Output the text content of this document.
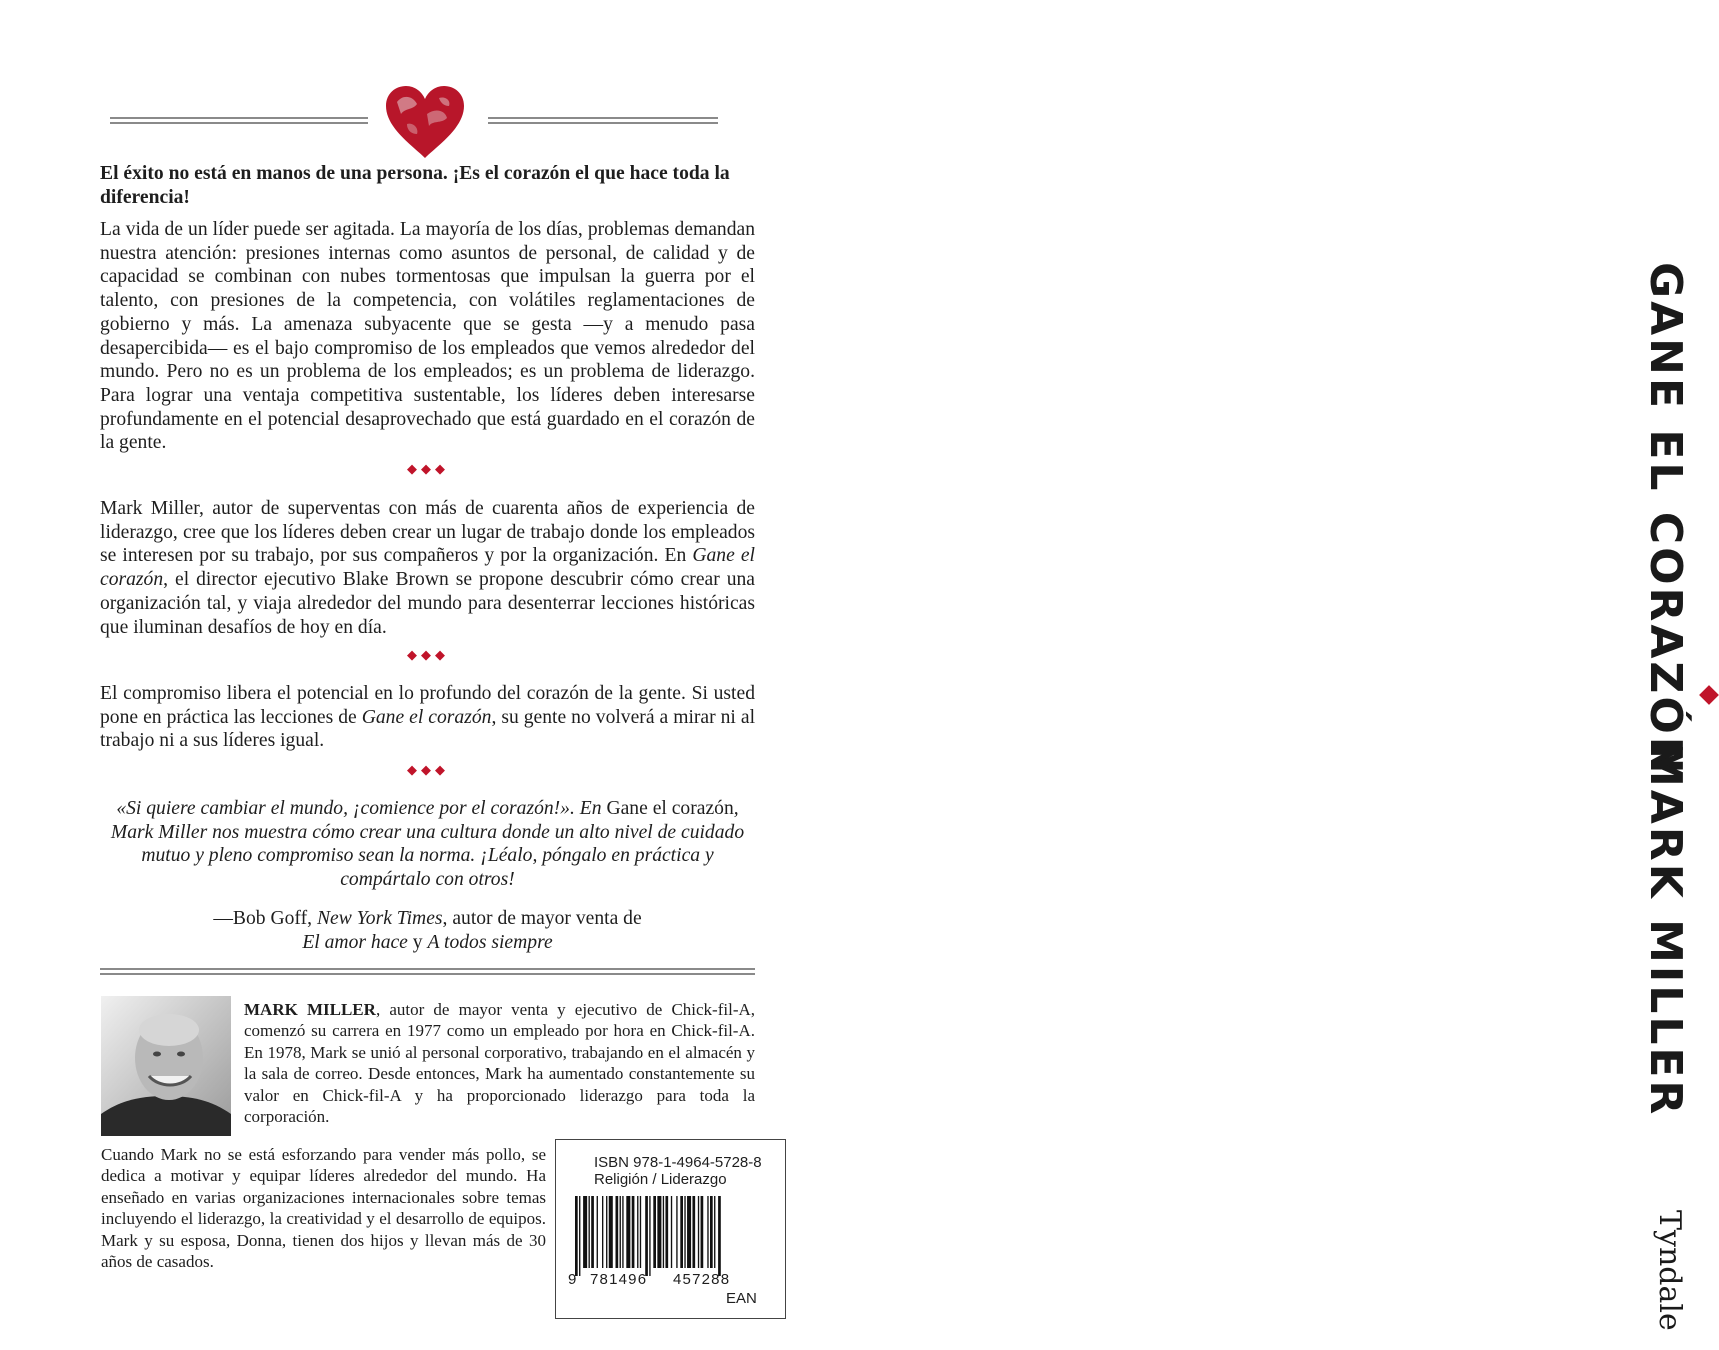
El éxito no está en manos de una persona. ¡Es el corazón el que hace toda la diferencia!
La vida de un líder puede ser agitada. La mayoría de los días, problemas demandan nuestra atención: presiones internas como asuntos de personal, de calidad y de capacidad se combinan con nubes tormentosas que impulsan la guerra por el talento, con presiones de la competencia, con volátiles reglamentaciones de gobierno y más. La amenaza subyacente que se gesta —y a menudo pasa desapercibida— es el bajo compromiso de los empleados que vemos alrededor del mundo. Pero no es un problema de los empleados; es un problema de liderazgo. Para lograr una ventaja competitiva sustentable, los líderes deben interesarse profundamente en el potencial desaprovechado que está guardado en el corazón de la gente.
◆◆◆
Mark Miller, autor de superventas con más de cuarenta años de experiencia de liderazgo, cree que los líderes deben crear un lugar de trabajo donde los empleados se interesen por su trabajo, por sus compañeros y por la organización. En Gane el corazón, el director ejecutivo Blake Brown se propone descubrir cómo crear una organización tal, y viaja alrededor del mundo para desenterrar lecciones históricas que iluminan desafíos de hoy en día.
◆◆◆
El compromiso libera el potencial en lo profundo del corazón de la gente. Si usted pone en práctica las lecciones de Gane el corazón, su gente no volverá a mirar ni al trabajo ni a sus líderes igual.
◆◆◆
«Si quiere cambiar el mundo, ¡comience por el corazón!». En Gane el corazón, Mark Miller nos muestra cómo crear una cultura donde un alto nivel de cuidado mutuo y pleno compromiso sean la norma. ¡Léalo, póngalo en práctica y compártalo con otros!
—Bob Goff, New York Times, autor de mayor venta de
El amor hace y A todos siempre
MARK MILLER, autor de mayor venta y ejecutivo de Chick-fil-A, comenzó su carrera en 1977 como un empleado por hora en Chick-fil-A. En 1978, Mark se unió al personal corporativo, trabajando en el almacén y la sala de correo. Desde entonces, Mark ha aumentado constantemente su valor en Chick-fil-A y ha proporcionado liderazgo para toda la corporación.
Cuando Mark no se está esforzando para vender más pollo, se dedica a motivar y equipar líderes alrededor del mundo. Ha enseñado en varias organizaciones internacionales sobre temas incluyendo el liderazgo, la creatividad y el desarrollo de equipos. Mark y su esposa, Donna, tienen dos hijos y llevan más de 30 años de casados.
ISBN 978-1-4964-5728-8
Religión / Liderazgo
9 781496 457288
EAN
GANE EL CORAZÓN
MARK MILLER
Tyndale
